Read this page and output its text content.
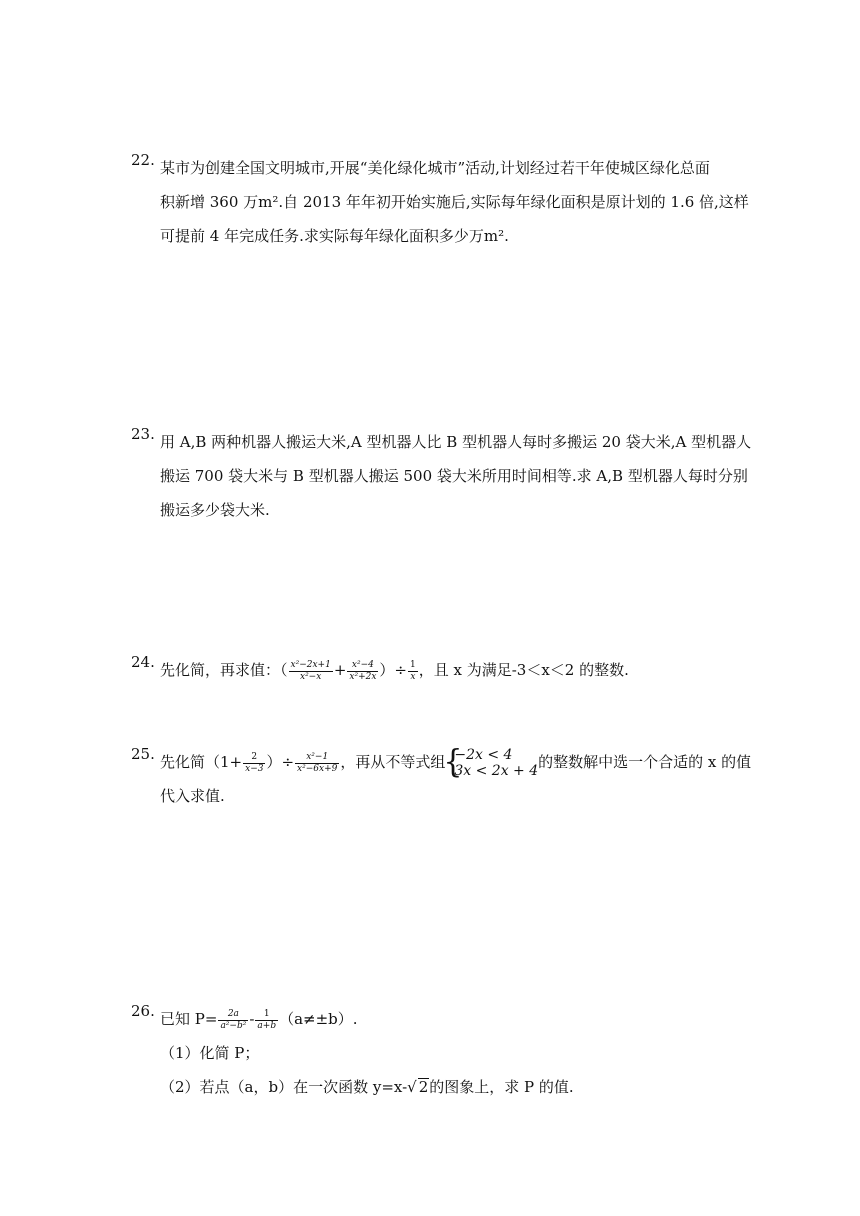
22. 某市为创建全国文明城市,开展“美化绿化城市”活动,计划经过若干年使城区绿化总面
积新增 360 万m².自 2013 年年初开始实施后,实际每年绿化面积是原计划的 1.6 倍,这样
可提前 4 年完成任务.求实际每年绿化面积多少万m².
23. 用 A,B 两种机器人搬运大米,A 型机器人比 B 型机器人每时多搬运 20 袋大米,A 型机器人
搬运 700 袋大米与 B 型机器人搬运 500 袋大米所用时间相等.求 A,B 型机器人每时分别
搬运多少袋大米.
24. 先化简，再求值：（ $\frac{\text{x²−2x+1}}{\text{x²−x}} + \frac{\text{x²−4}}{\text{x²+2x}}$ ）÷ $\frac{1}{x}$ ，且 x 为满足-3＜x＜2 的整数.
25. 先化简（$1+ \frac{2}{x-3}$ ）÷ $\frac{\text{x²−1}}{\text{x²−6x+9}}$ ，再从不等式组
{
−2x < 4
3x < 2x + 4 的整数解中选一个合适的 x 的值
代入求值.
26. 已知 $P= \frac{2a}{\text{a²−b²}} - \frac{1}{a+b} (a\ne\pm b)$.
（1）化简 P；
（2）若点（a，b）在一次函数 y=x-√ 2的图象上，求 P 的值.
